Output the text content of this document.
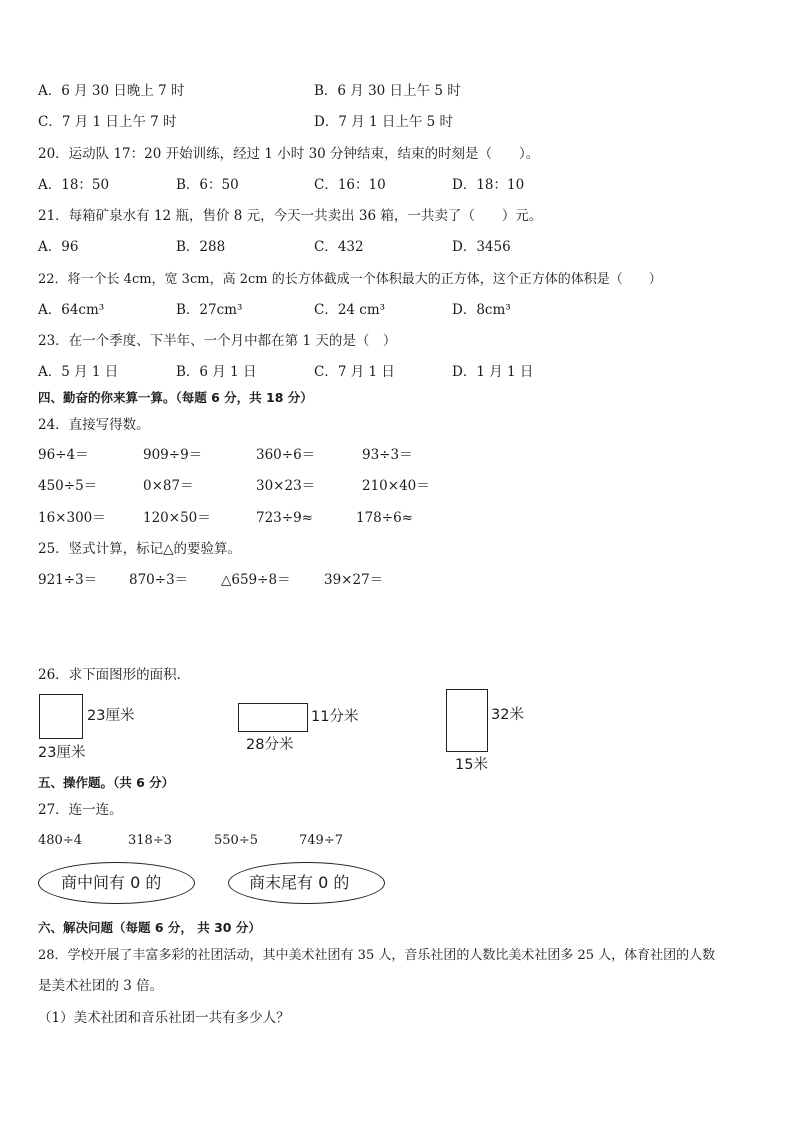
A．6 月 30 日晚上 7 时	B．6 月 30 日上午 5 时
C．7 月 1 日上午 7 时	D．7 月 1 日上午 5 时
20．运动队 17：20 开始训练，经过 1 小时 30 分钟结束，结束的时刻是（　　）。
A．18：50	B．6：50	C．16：10	D．18：10
21．每箱矿泉水有 12 瓶，售价 8 元，今天一共卖出 36 箱，一共卖了（　　）元。
A．96	B．288	C．432	D．3456
22．将一个长 4cm，宽 3cm，高 2cm 的长方体截成一个体积最大的正方体，这个正方体的体积是（　　）
A．64cm³	B．27cm³	C．24 cm³	D．8cm³
23．在一个季度、下半年、一个月中都在第 1 天的是（　）
A．5 月 1 日	B．6 月 1 日	C．7 月 1 日	D．1 月 1 日
四、勤奋的你来算一算。（每题 6 分，共 18 分）
24．直接写得数。
96÷4＝	909÷9＝	360÷6＝	93÷3＝
450÷5＝	0×87＝	30×23＝	210×40＝
16×300＝	120×50＝	723÷9≈	178÷6≈
25．竖式计算，标记△的要验算。
921÷3＝ 870÷3＝ △659÷8＝ 39×27＝
26．求下面图形的面积．
23厘米
23厘米
11分米
28分米
32米
15米
五、操作题。（共 6 分）
27．连一连。
480÷4	318÷3	550÷5	749÷7
商中间有 0 的	商末尾有 0 的
六、解决问题（每题 6 分， 共 30 分）
28．学校开展了丰富多彩的社团活动，其中美术社团有 35 人，音乐社团的人数比美术社团多 25 人，体育社团的人数
是美术社团的 3 倍。
（1）美术社团和音乐社团一共有多少人？
